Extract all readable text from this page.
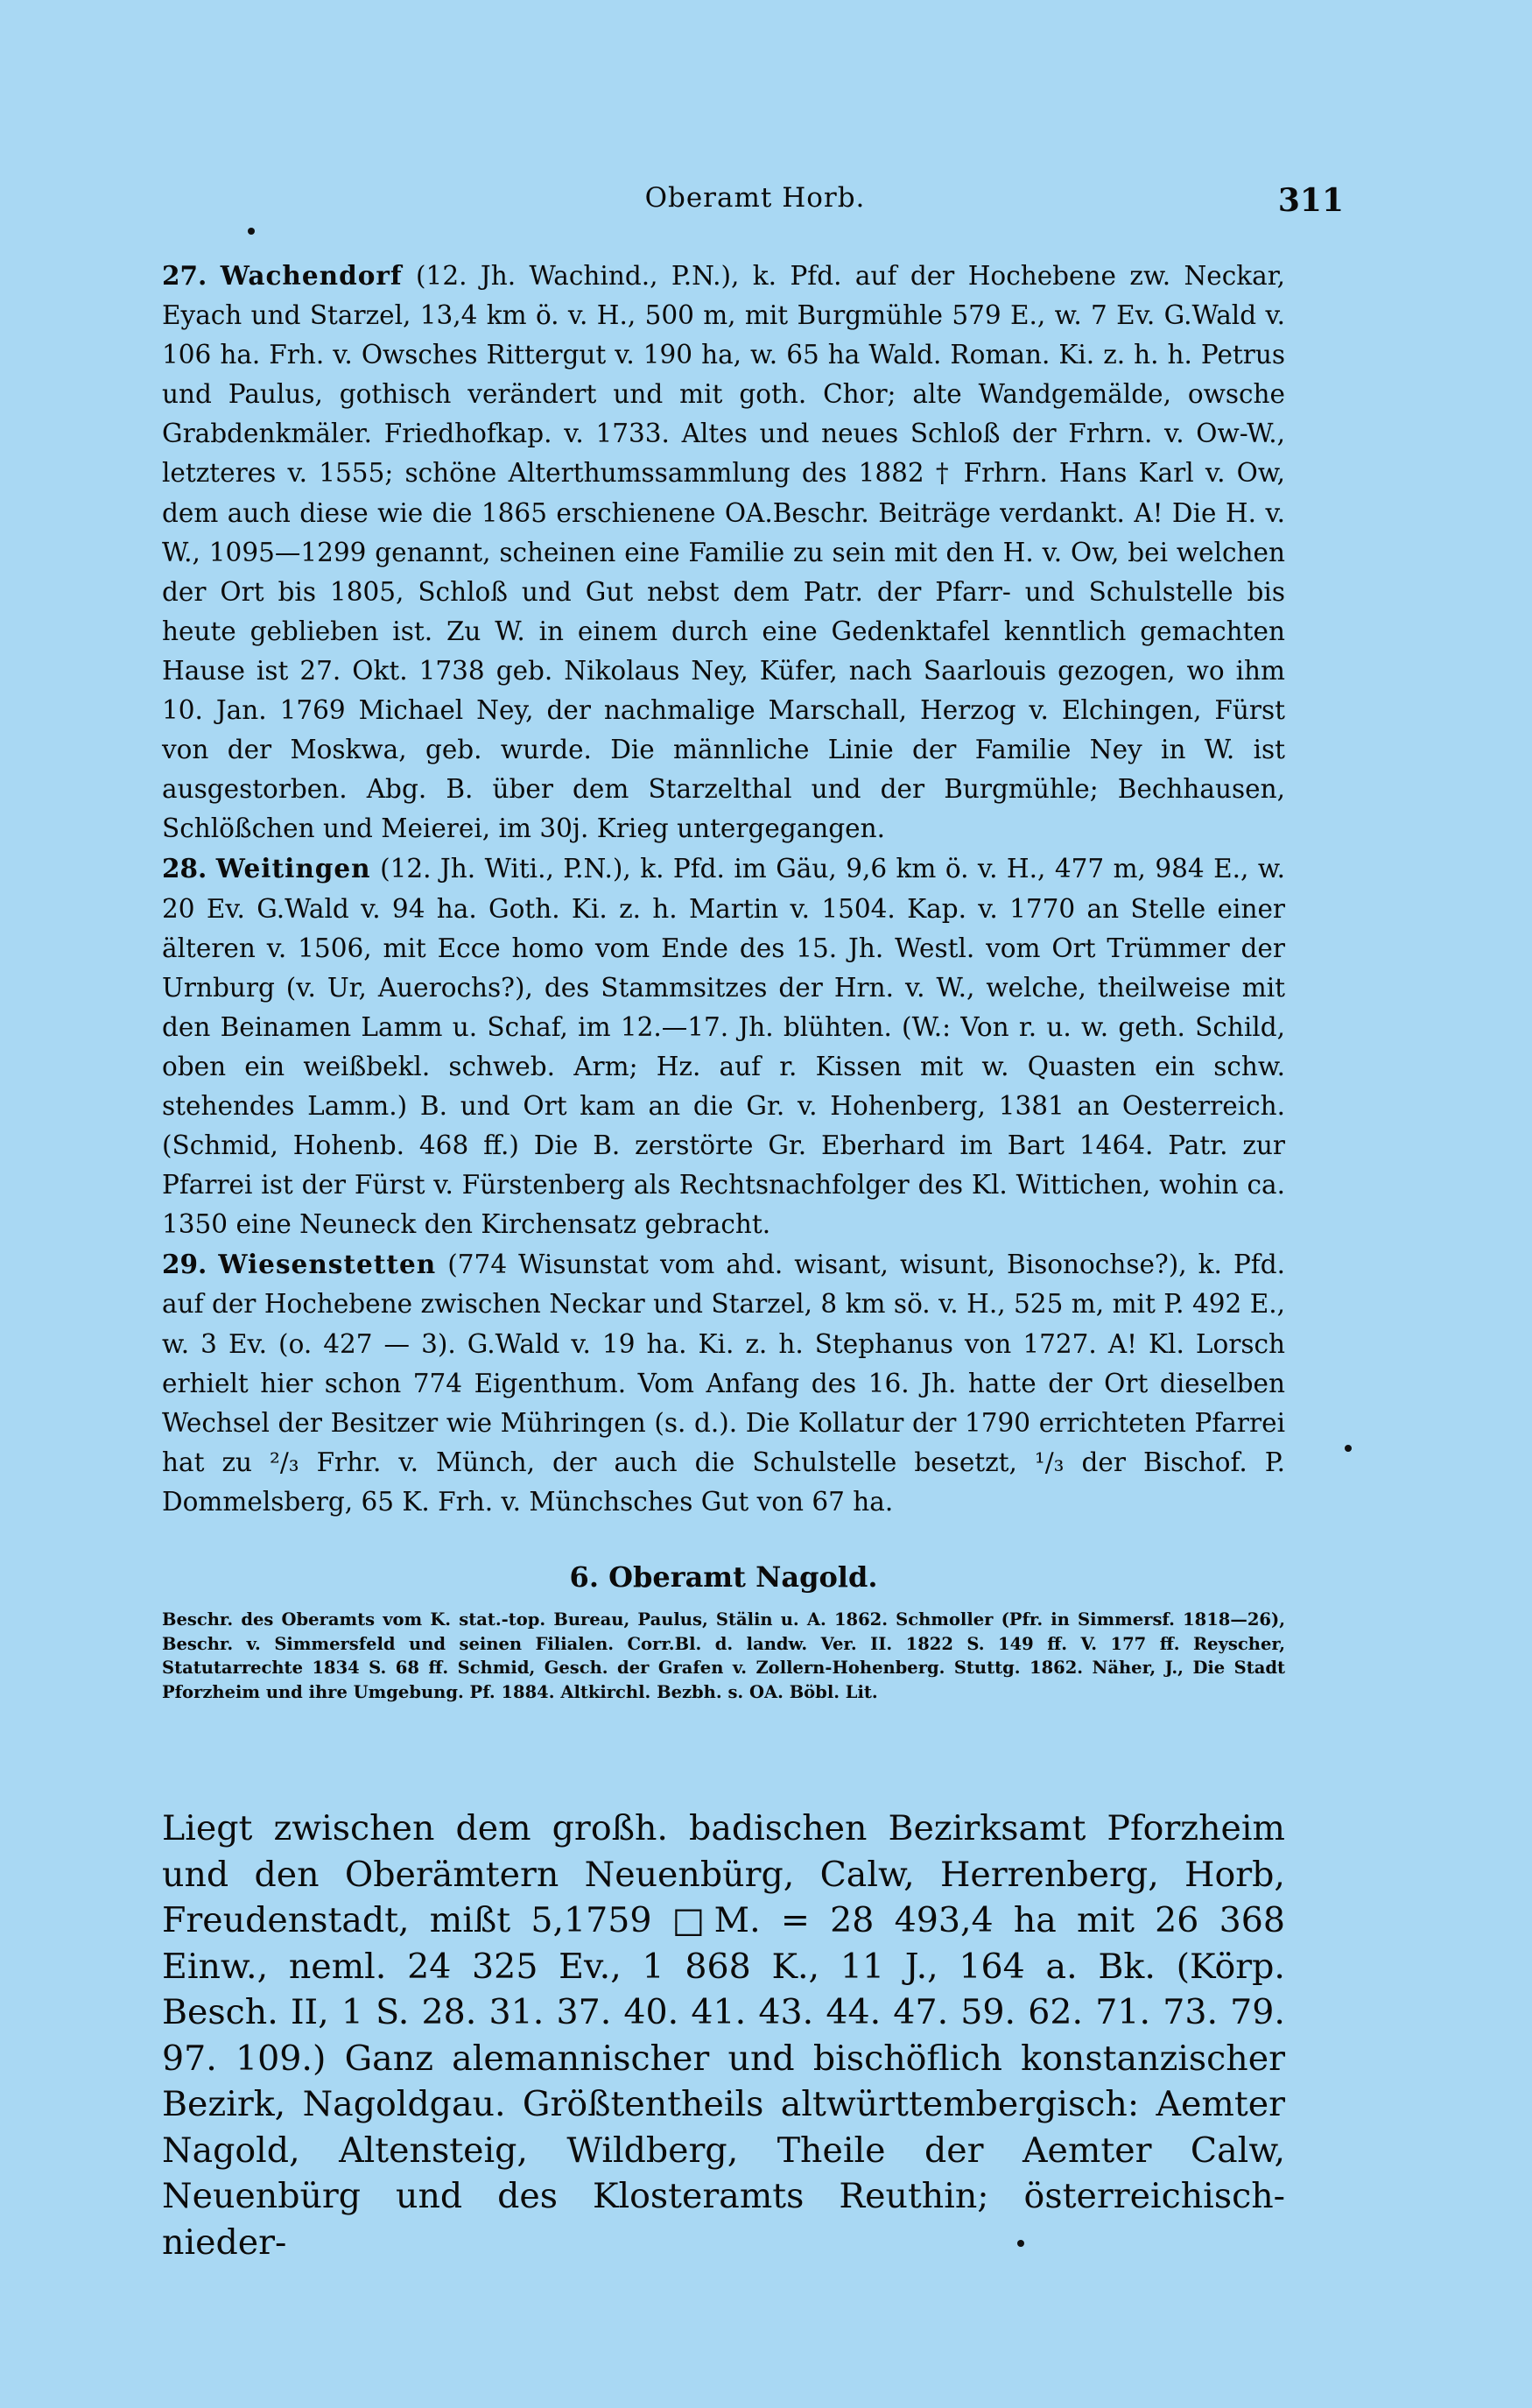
Oberamt Horb.	311

27. Wachendorf (12. Jh. Wachind., P.N.), k. Pfd. auf der Hochebene zw. Neckar, Eyach und Starzel, 13,4 km ö. v. H., 500 m, mit Burgmühle 579 E., w. 7 Ev. G.Wald v. 106 ha. Frh. v. Owsches Rittergut v. 190 ha, w. 65 ha Wald. Roman. Ki. z. h. h. Petrus und Paulus, gothisch verändert und mit goth. Chor; alte Wandgemälde, owsche Grabdenkmäler. Friedhofkap. v. 1733. Altes und neues Schloß der Frhrn. v. Ow-W., letzteres v. 1555; schöne Alterthumssammlung des 1882 † Frhrn. Hans Karl v. Ow, dem auch diese wie die 1865 erschienene OA.Beschr. Beiträge verdankt. A! Die H. v. W., 1095—1299 genannt, scheinen eine Familie zu sein mit den H. v. Ow, bei welchen der Ort bis 1805, Schloß und Gut nebst dem Patr. der Pfarr- und Schulstelle bis heute geblieben ist. Zu W. in einem durch eine Gedenktafel kenntlich gemachten Hause ist 27. Okt. 1738 geb. Nikolaus Ney, Küfer, nach Saarlouis gezogen, wo ihm 10. Jan. 1769 Michael Ney, der nachmalige Marschall, Herzog v. Elchingen, Fürst von der Moskwa, geb. wurde. Die männliche Linie der Familie Ney in W. ist ausgestorben. Abg. B. über dem Starzelthal und der Burgmühle; Bechhausen, Schlößchen und Meierei, im 30j. Krieg untergegangen.

28. Weitingen (12. Jh. Witi., P.N.), k. Pfd. im Gäu, 9,6 km ö. v. H., 477 m, 984 E., w. 20 Ev. G.Wald v. 94 ha. Goth. Ki. z. h. Martin v. 1504. Kap. v. 1770 an Stelle einer älteren v. 1506, mit Ecce homo vom Ende des 15. Jh. Westl. vom Ort Trümmer der Urnburg (v. Ur, Auerochs?), des Stammsitzes der Hrn. v. W., welche, theilweise mit den Beinamen Lamm u. Schaf, im 12.—17. Jh. blühten. (W.: Von r. u. w. geth. Schild, oben ein weißbekl. schweb. Arm; Hz. auf r. Kissen mit w. Quasten ein schw. stehendes Lamm.) B. und Ort kam an die Gr. v. Hohenberg, 1381 an Oesterreich. (Schmid, Hohenb. 468 ff.) Die B. zerstörte Gr. Eberhard im Bart 1464. Patr. zur Pfarrei ist der Fürst v. Fürstenberg als Rechtsnachfolger des Kl. Wittichen, wohin ca. 1350 eine Neuneck den Kirchensatz gebracht.

29. Wiesenstetten (774 Wisunstat vom ahd. wisant, wisunt, Bisonochse?), k. Pfd. auf der Hochebene zwischen Neckar und Starzel, 8 km sö. v. H., 525 m, mit P. 492 E., w. 3 Ev. (o. 427 — 3). G.Wald v. 19 ha. Ki. z. h. Stephanus von 1727. A! Kl. Lorsch erhielt hier schon 774 Eigenthum. Vom Anfang des 16. Jh. hatte der Ort dieselben Wechsel der Besitzer wie Mühringen (s. d.). Die Kollatur der 1790 errichteten Pfarrei hat zu ²/₃ Frhr. v. Münch, der auch die Schulstelle besetzt, ¹/₃ der Bischof. P. Dommelsberg, 65 K. Frh. v. Münchsches Gut von 67 ha.

6. Oberamt Nagold.

Beschr. des Oberamts vom K. stat.-top. Bureau, Paulus, Stälin u. A. 1862. Schmoller (Pfr. in Simmersf. 1818—26), Beschr. v. Simmersfeld und seinen Filialen. Corr.Bl. d. landw. Ver. II. 1822 S. 149 ff. V. 177 ff. Reyscher, Statutarrechte 1834 S. 68 ff. Schmid, Gesch. der Grafen v. Zollern-Hohenberg. Stuttg. 1862. Näher, J., Die Stadt Pforzheim und ihre Umgebung. Pf. 1884. Altkirchl. Bezbh. s. OA. Böbl. Lit.

Liegt zwischen dem großh. badischen Bezirksamt Pforzheim und den Oberämtern Neuenbürg, Calw, Herrenberg, Horb, Freudenstadt, mißt 5,1759 □M. = 28 493,4 ha mit 26 368 Einw., neml. 24 325 Ev., 1 868 K., 11 J., 164 a. Bk. (Körp. Besch. II, 1 S. 28. 31. 37. 40. 41. 43. 44. 47. 59. 62. 71. 73. 79. 97. 109.) Ganz alemannischer und bischöflich konstanzischer Bezirk, Nagoldgau. Größtentheils altwürttembergisch: Aemter Nagold, Altensteig, Wildberg, Theile der Aemter Calw, Neuenbürg und des Klosteramts Reuthin; österreichisch-nieder-
